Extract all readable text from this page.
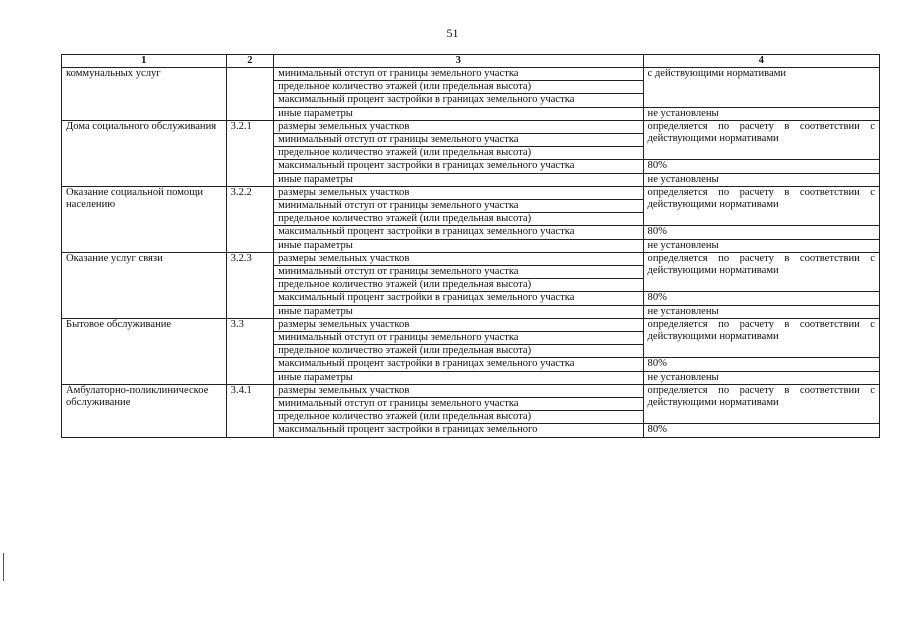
51
1	2	3	4
коммунальных услуг		минимальный отступ от границы земельного участка	с действующими нормативами
		предельное количество этажей (или предельная высота)	
		максимальный процент застройки в границах земельного участка	
		иные параметры	не установлены
Дома социального обслуживания	3.2.1	размеры земельных участков	определяется по расчету в соответствии с действующими нормативами
		минимальный отступ от границы земельного участка	
		предельное количество этажей (или предельная высота)	
		максимальный процент застройки в границах земельного участка	80%
		иные параметры	не установлены
Оказание социальной помощи населению	3.2.2	размеры земельных участков	определяется по расчету в соответствии с действующими нормативами
		минимальный отступ от границы земельного участка	
		предельное количество этажей (или предельная высота)	
		максимальный процент застройки в границах земельного участка	80%
		иные параметры	не установлены
Оказание услуг связи	3.2.3	размеры земельных участков	определяется по расчету в соответствии с действующими нормативами
		минимальный отступ от границы земельного участка	
		предельное количество этажей (или предельная высота)	
		максимальный процент застройки в границах земельного участка	80%
		иные параметры	не установлены
Бытовое обслуживание	3.3	размеры земельных участков	определяется по расчету в соответствии с действующими нормативами
		минимальный отступ от границы земельного участка	
		предельное количество этажей (или предельная высота)	
		максимальный процент застройки в границах земельного участка	80%
		иные параметры	не установлены
Амбулаторно-поликлиническое обслуживание	3.4.1	размеры земельных участков	определяется по расчету в соответствии с действующими нормативами
		минимальный отступ от границы земельного участка	
		предельное количество этажей (или предельная высота)	
		максимальный процент застройки в границах земельного	80%
